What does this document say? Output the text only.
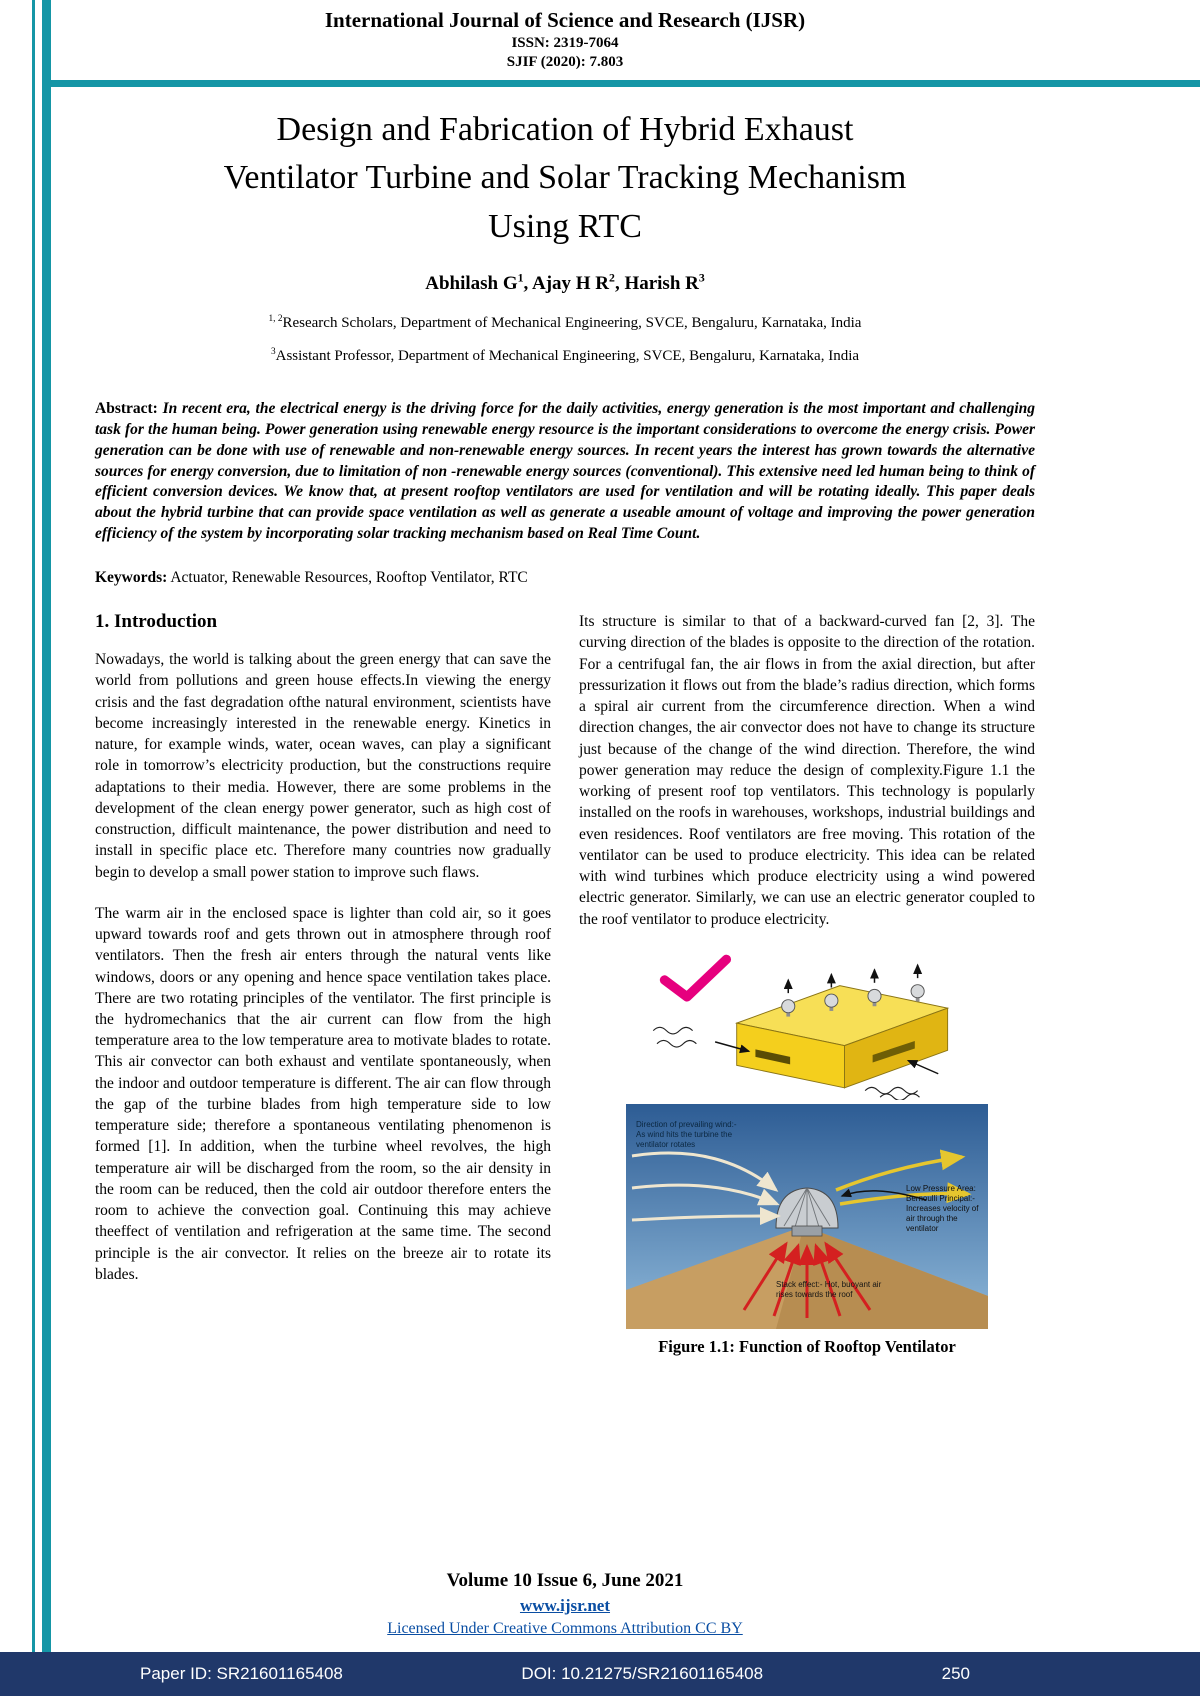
International Journal of Science and Research (IJSR)
ISSN: 2319-7064
SJIF (2020): 7.803
Design and Fabrication of Hybrid Exhaust
Ventilator Turbine and Solar Tracking Mechanism
Using RTC
Abhilash $G^1$, Ajay H $R^2$, Harish $R^3$
$^{1, 2}$Research Scholars, Department of Mechanical Engineering, SVCE, Bengaluru, Karnataka, India
$^3$Assistant Professor, Department of Mechanical Engineering, SVCE, Bengaluru, Karnataka, India

Abstract: In recent era, the electrical energy is the driving force for the daily activities, energy generation is the most important and challenging task for the human being. Power generation using renewable energy resource is the important considerations to overcome the energy crisis. Power generation can be done with use of renewable and non-renewable energy sources. In recent years the interest has grown towards the alternative sources for energy conversion, due to limitation of non -renewable energy sources (conventional). This extensive need led human being to think of efficient conversion devices. We know that, at present rooftop ventilators are used for ventilation and will be rotating ideally. This paper deals about the hybrid turbine that can provide space ventilation as well as generate a useable amount of voltage and improving the power generation efficiency of the system by incorporating solar tracking mechanism based on Real Time Count.

Keywords: Actuator, Renewable Resources, Rooftop Ventilator, RTC

1. Introduction

Nowadays, the world is talking about the green energy that can save the world from pollutions and green house effects.In viewing the energy crisis and the fast degradation ofthe natural environment, scientists have become increasingly interested in the renewable energy. Kinetics in nature, for example winds, water, ocean waves, can play a significant role in tomorrow’s electricity production, but the constructions require adaptations to their media. However, there are some problems in the development of the clean energy power generator, such as high cost of construction, difficult maintenance, the power distribution and need to install in specific place etc. Therefore many countries now gradually begin to develop a small power station to improve such flaws.

The warm air in the enclosed space is lighter than cold air, so it goes upward towards roof and gets thrown out in atmosphere through roof ventilators. Then the fresh air enters through the natural vents like windows, doors or any opening and hence space ventilation takes place. There are two rotating principles of the ventilator. The first principle is the hydromechanics that the air current can flow from the high temperature area to the low temperature area to motivate blades to rotate. This air convector can both exhaust and ventilate spontaneously, when the indoor and outdoor temperature is different. The air can flow through the gap of the turbine blades from high temperature side to low temperature side; therefore a spontaneous ventilating phenomenon is formed [1]. In addition, when the turbine wheel revolves, the high temperature air will be discharged from the room, so the air density in the room can be reduced, then the cold air outdoor therefore enters the room to achieve the convection goal. Continuing this may achieve theeffect of ventilation and refrigeration at the same time. The second principle is the air convector. It relies on the breeze air to rotate its blades.

Its structure is similar to that of a backward-curved fan [2, 3]. The curving direction of the blades is opposite to the direction of the rotation. For a centrifugal fan, the air flows in from the axial direction, but after pressurization it flows out from the blade’s radius direction, which forms a spiral air current from the circumference direction. When a wind direction changes, the air convector does not have to change its structure just because of the change of the wind direction. Therefore, the wind power generation may reduce the design of complexity.Figure 1.1 the working of present roof top ventilators. This technology is popularly installed on the roofs in warehouses, workshops, industrial buildings and even residences. Roof ventilators are free moving. This rotation of the ventilator can be used to produce electricity. This idea can be related with wind turbines which produce electricity using a wind powered electric generator. Similarly, we can use an electric generator coupled to the roof ventilator to produce electricity.

Direction of prevailing wind:- As wind hits the turbine the ventilator rotates
Low Pressure Area: Bernoulli Principal:- Increases velocity of air through the ventilator
Stack effect:- Hot, buoyant air rises towards the roof
Figure 1.1: Function of Rooftop Ventilator
Volume 10 Issue 6, June 2021
www.ijsr.net
Licensed Under Creative Commons Attribution CC BY
Paper ID: SR21601165408	DOI: 10.21275/SR21601165408	250
